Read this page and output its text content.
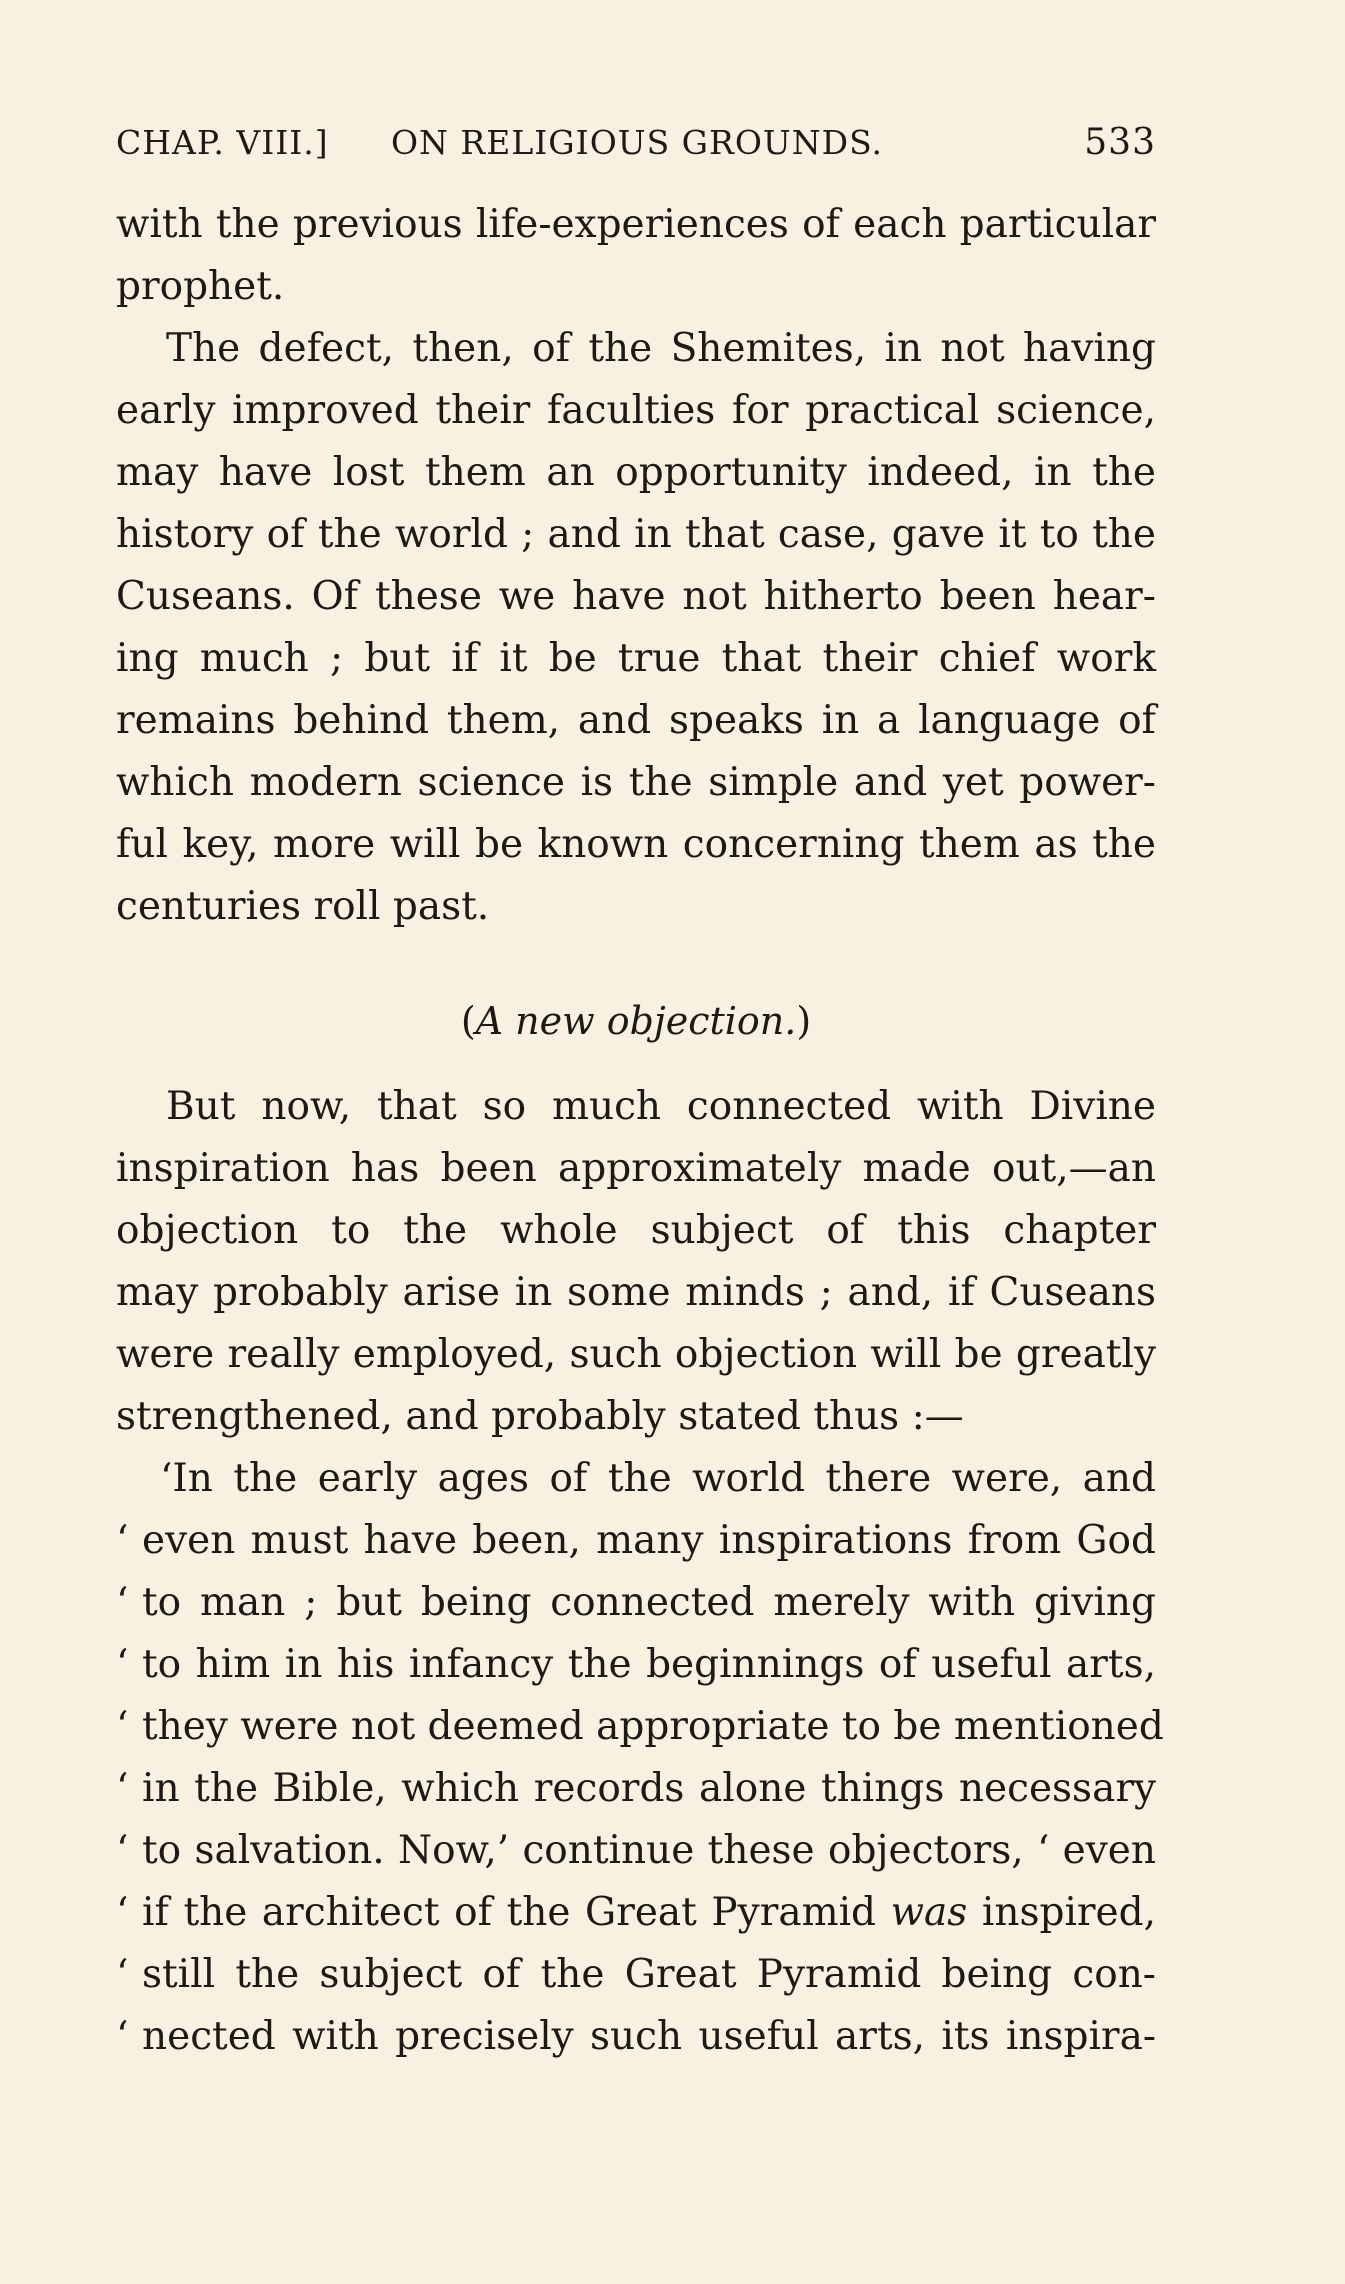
CHAP. VIII.] ON RELIGIOUS GROUNDS.	533
with the previous life-experiences of each particular
prophet.
The defect, then, of the Shemites, in not having
early improved their faculties for practical science,
may have lost them an opportunity indeed, in the
history of the world ; and in that case, gave it to the
Cuseans. Of these we have not hitherto been hear-
ing much ; but if it be true that their chief work
remains behind them, and speaks in a language of
which modern science is the simple and yet power-
ful key, more will be known concerning them as the
centuries roll past.
(A new objection.)
But now, that so much connected with Divine
inspiration has been approximately made out,—an
objection to the whole subject of this chapter
may probably arise in some minds ; and, if Cuseans
were really employed, such objection will be greatly
strengthened, and probably stated thus :—
‘In the early ages of the world there were, and
‘ even must have been, many inspirations from God
‘ to man ; but being connected merely with giving
‘ to him in his infancy the beginnings of useful arts,
‘ they were not deemed appropriate to be mentioned
‘ in the Bible, which records alone things necessary
‘ to salvation. Now,’ continue these objectors, ‘ even
‘ if the architect of the Great Pyramid was inspired,
‘ still the subject of the Great Pyramid being con-
‘ nected with precisely such useful arts, its inspira-
